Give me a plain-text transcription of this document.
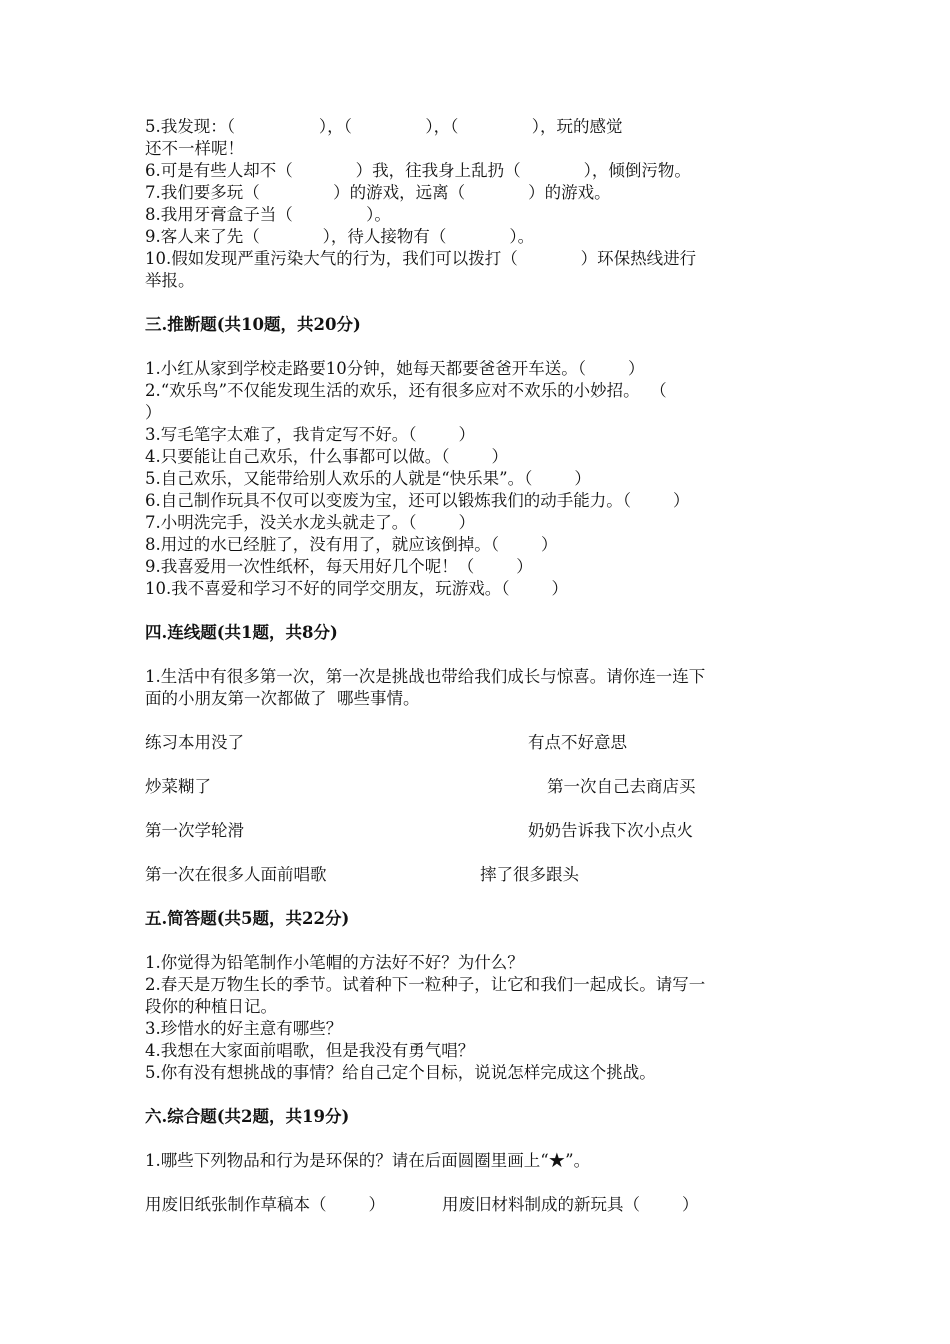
5.我发现：（                ），（              ），（              ），玩的感觉

还不一样呢！

6.可是有些人却不（            ）我，往我身上乱扔（            ），倾倒污物。

7.我们要多玩（              ）的游戏，远离（            ）的游戏。

8.我用牙膏盒子当（              ）。

9.客人来了先（            ），待人接物有（            ）。

10.假如发现严重污染大气的行为，我们可以拨打（            ）环保热线进行

举报。

三.推断题(共10题，共20分)

1.小红从家到学校走路要10分钟，她每天都要爸爸开车送。（        ）

2.“欢乐鸟”不仅能发现生活的欢乐，还有很多应对不欢乐的小妙招。  （

）

3.写毛笔字太难了，我肯定写不好。（        ）

4.只要能让自己欢乐，什么事都可以做。（        ）

5.自己欢乐，又能带给别人欢乐的人就是“快乐果”。（        ）

6.自己制作玩具不仅可以变废为宝，还可以锻炼我们的动手能力。（        ）

7.小明洗完手，没关水龙头就走了。（        ）

8.用过的水已经脏了，没有用了，就应该倒掉。（        ）

9.我喜爱用一次性纸杯，每天用好几个呢！（        ）

10.我不喜爱和学习不好的同学交朋友，玩游戏。（        ）

四.连线题(共1题，共8分)

1.生活中有很多第一次，第一次是挑战也带给我们成长与惊喜。请你连一连下

面的小朋友第一次都做了  哪些事情。

练习本用没了	有点不好意思
炒菜糊了	第一次自己去商店买
第一次学轮滑	奶奶告诉我下次小点火
第一次在很多人面前唱歌	摔了很多跟头

五.简答题(共5题，共22分)

1.你觉得为铅笔制作小笔帽的方法好不好？为什么？

2.春天是万物生长的季节。试着种下一粒种子，让它和我们一起成长。请写一

段你的种植日记。

3.珍惜水的好主意有哪些？

4.我想在大家面前唱歌，但是我没有勇气唱？

5.你有没有想挑战的事情？给自己定个目标，说说怎样完成这个挑战。

六.综合题(共2题，共19分)

1.哪些下列物品和行为是环保的？请在后面圆圈里画上“★”。

用废旧纸张制作草稿本（        ）	用废旧材料制成的新玩具（        ）
